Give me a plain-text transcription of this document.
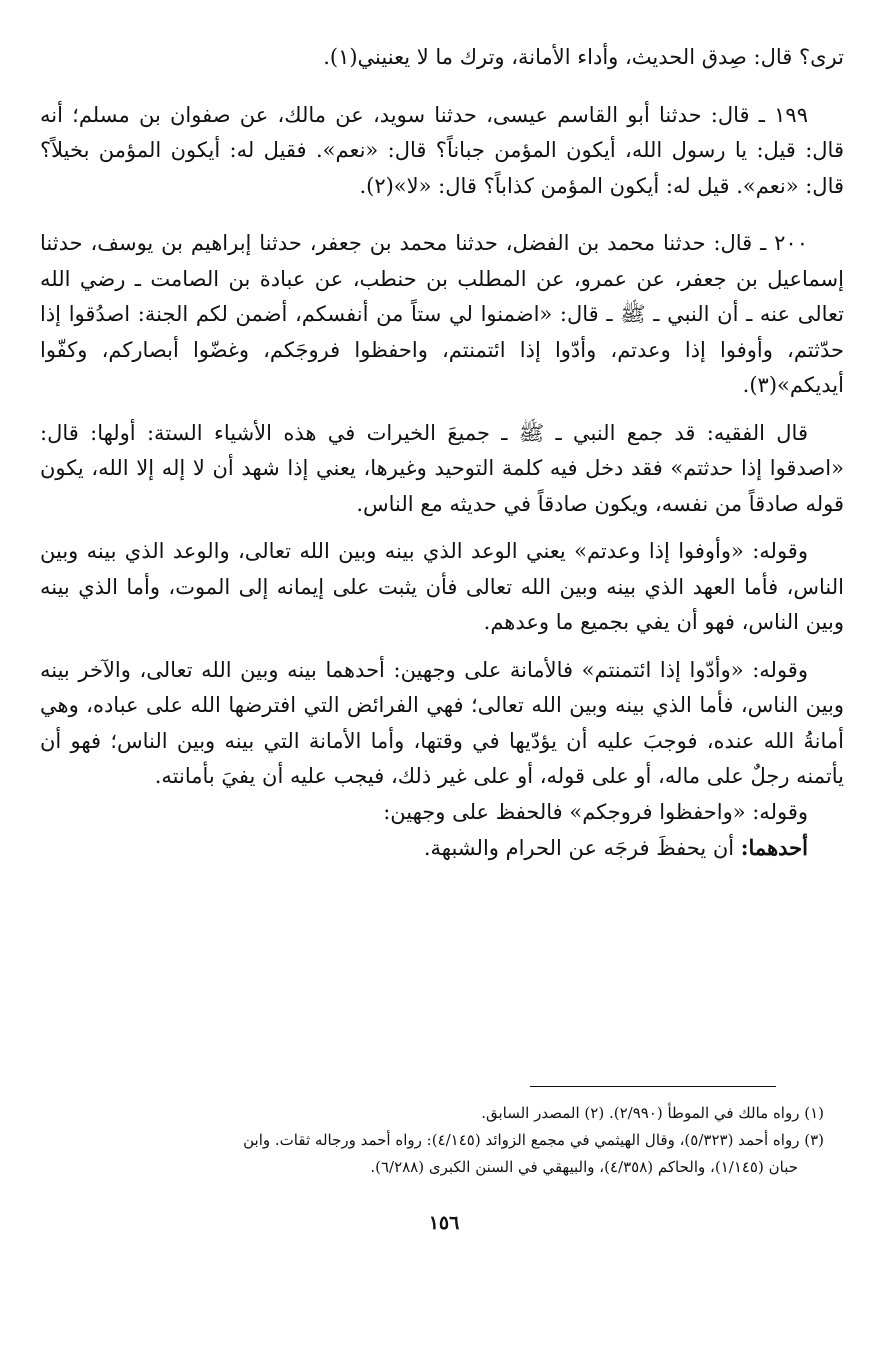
ترى؟ قال: صِدق الحديث، وأداء الأمانة، وترك ما لا يعنيني(١).

١٩٩ ـ قال: حدثنا أبو القاسم عيسى، حدثنا سويد، عن مالك، عن صفوان بن مسلم؛ أنه قال: قيل: يا رسول الله، أيكون المؤمن جباناً؟ قال: «نعم». فقيل له: أيكون المؤمن بخيلاً؟ قال: «نعم». قيل له: أيكون المؤمن كذاباً؟ قال: «لا»(٢).

٢٠٠ ـ قال: حدثنا محمد بن الفضل، حدثنا محمد بن جعفر، حدثنا إبراهيم بن يوسف، حدثنا إسماعيل بن جعفر، عن عمرو، عن المطلب بن حنطب، عن عبادة بن الصامت ـ رضي الله تعالى عنه ـ أن النبي ـ ﷺ ـ قال: «اضمنوا لي ستاً من أنفسكم، أضمن لكم الجنة: اصدُقوا إذا حدّثتم، وأوفوا إذا وعدتم، وأدّوا إذا ائتمنتم، واحفظوا فروجَكم، وغضّوا أبصاركم، وكفّوا أيديكم»(٣).

قال الفقيه: قد جمع النبي ـ ﷺ ـ جميعَ الخيرات في هذه الأشياء الستة: أولها: قال: «اصدقوا إذا حدثتم» فقد دخل فيه كلمة التوحيد وغيرها، يعني إذا شهد أن لا إله إلا الله، يكون قوله صادقاً من نفسه، ويكون صادقاً في حديثه مع الناس.

وقوله: «وأوفوا إذا وعدتم» يعني الوعد الذي بينه وبين الله تعالى، والوعد الذي بينه وبين الناس، فأما العهد الذي بينه وبين الله تعالى فأن يثبت على إيمانه إلى الموت، وأما الذي بينه وبين الناس، فهو أن يفي بجميع ما وعدهم.

وقوله: «وأدّوا إذا ائتمنتم» فالأمانة على وجهين: أحدهما بينه وبين الله تعالى، والآخر بينه وبين الناس، فأما الذي بينه وبين الله تعالى؛ فهي الفرائض التي افترضها الله على عباده، وهي أمانةُ الله عنده، فوجبَ عليه أن يؤدّيها في وقتها، وأما الأمانة التي بينه وبين الناس؛ فهو أن يأتمنه رجلٌ على ماله، أو على قوله، أو على غير ذلك، فيجب عليه أن يفيَ بأمانته.

وقوله: «واحفظوا فروجكم» فالحفظ على وجهين:

أحدهما: أن يحفظَ فرجَه عن الحرام والشبهة.

(١) رواه مالك في الموطأ (٢/٩٩٠). (٢) المصدر السابق.

(٣) رواه أحمد (٥/٣٢٣)، وقال الهيثمي في مجمع الزوائد (٤/١٤٥): رواه أحمد ورجاله ثقات. وابن

حبان (١/١٤٥)، والحاكم (٤/٣٥٨)، والبيهقي في السنن الكبرى (٦/٢٨٨).

١٥٦
